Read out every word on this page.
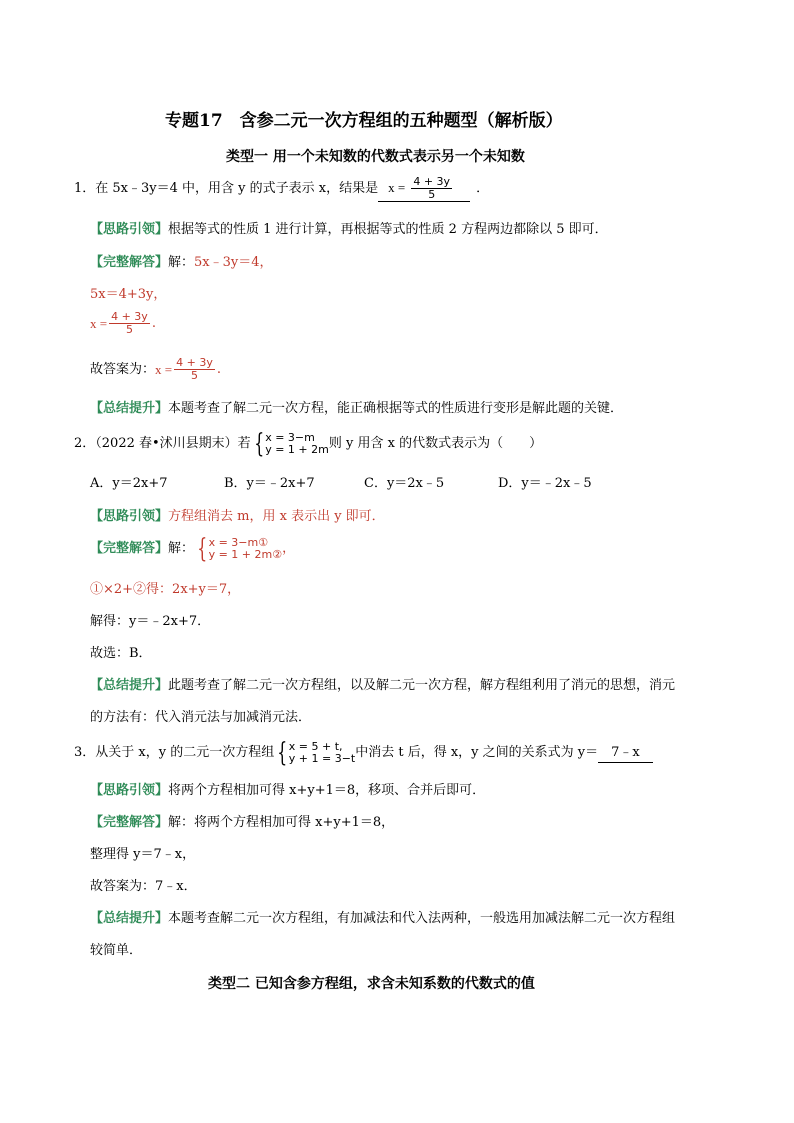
专题17　含参二元一次方程组的五种题型（解析版）
类型一 用一个未知数的代数式表示另一个未知数
1．在 5x﹣3y＝4 中，用含 y 的式子表示 x，结果是 $x = \frac{4 + 3y}{5}$ ．
【思路引领】根据等式的性质 1 进行计算，再根据等式的性质 2 方程两边都除以 5 即可．
【完整解答】解：5x﹣3y＝4，
5x＝4+3y，
$x = \frac{4 + 3y}{5}$ .
故答案为： $x = \frac{4 + 3y}{5}$ .
【总结提升】本题考查了解二元一次方程，能正确根据等式的性质进行变形是解此题的关键．
2．（2022 春•沭川县期末）若 { x = 3−m
y = 1 + 2m 则 y 用含 x 的代数式表示为（　　）
A．y＝2x+7	B．y＝﹣2x+7	C．y＝2x﹣5	D．y＝﹣2x﹣5
【思路引领】方程组消去 m，用 x 表示出 y 即可．
【完整解答】 解： { x = 3−m①
y = 1 + 2m② ，
①×2+②得：2x+y＝7，
解得：y＝﹣2x+7．
故选：B．
【总结提升】此题考查了解二元一次方程组，以及解二元一次方程，解方程组利用了消元的思想，消元
的方法有：代入消元法与加减消元法．
3．从关于 x，y 的二元一次方程组 { x = 5 + t,
y + 1 = 3−t 中消去 t 后，得 x，y 之间的关系式为 y＝ 　7﹣x　
【思路引领】将两个方程相加可得 x+y+1＝8，移项、合并后即可．
【完整解答】解：将两个方程相加可得 x+y+1＝8，
整理得 y＝7﹣x，
故答案为：7﹣x．
【总结提升】本题考查解二元一次方程组，有加减法和代入法两种，一般选用加减法解二元一次方程组
较简单．
类型二 已知含参方程组，求含未知系数的代数式的值
